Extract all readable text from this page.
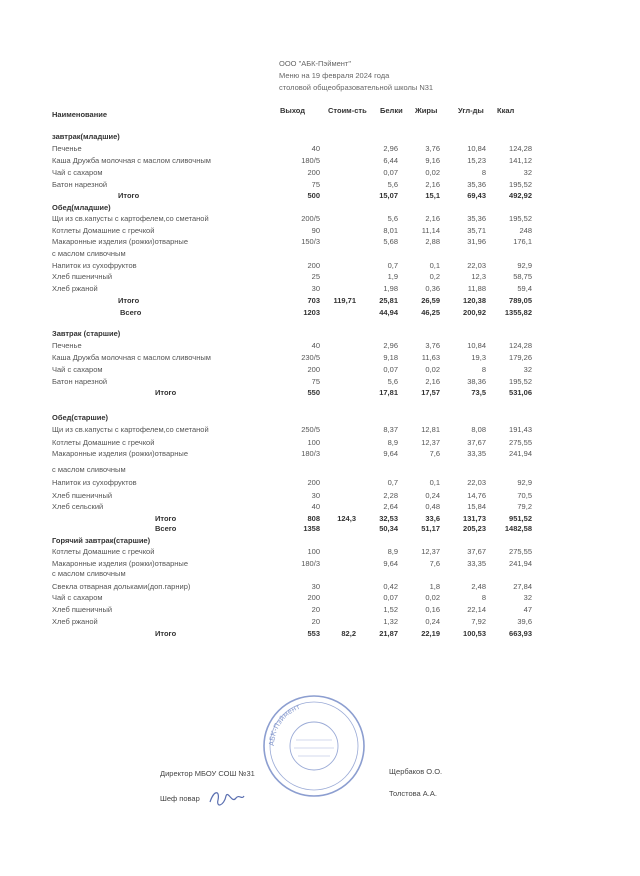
ООО "АБК-Пэймент"
Меню на 19 февраля 2024 года
столовой общеобразовательной школы N31
Наименование	Выход	Стоим-сть Белки Жиры	Угл-ды Ккал
завтрак(младшие)
Печенье	40	2,96	3,76	10,84	124,28
Каша Дружба молочная с маслом сливочным	180/5	6,44	9,16	15,23	141,12
Чай с сахаром	200	0,07	0,02	8	32
Батон нарезной	75	5,6	2,16	35,36	195,52
Итого	500	15,07	15,1	69,43	492,92
Обед(младшие)
Щи из св.капусты с картофелем,со сметаной	200/5	5,6	2,16	35,36	195,52
Котлеты Домашние с гречкой	90	8,01	11,14	35,71	248
Макаронные изделия (рожки)отварные	150/3	5,68	2,88	31,96	176,1
с маслом сливочным
Напиток из сухофруктов	200	0,7	0,1	22,03	92,9
Хлеб пшеничный	25	1,9	0,2	12,3	58,75
Хлеб ржаной	30	1,98	0,36	11,88	59,4
Итого	703 119,71	25,81	26,59	120,38	789,05
Всего	1203	44,94	46,25	200,92	1355,82
Завтрак (старшие)
Печенье	40	2,96	3,76	10,84	124,28
Каша Дружба молочная с маслом сливочным	230/5	9,18	11,63	19,3	179,26
Чай с сахаром	200	0,07	0,02	8	32
Батон нарезной	75	5,6	2,16	38,36	195,52
Итого	550	17,81	17,57	73,5	531,06
Обед(старшие)
Щи из св.капусты с картофелем,со сметаной	250/5	8,37	12,81	8,08	191,43
Котлеты Домашние с гречкой	100	8,9	12,37	37,67	275,55
Макаронные изделия (рожки)отварные	180/3	9,64	7,6	33,35	241,94
с маслом сливочным
Напиток из сухофруктов	200	0,7	0,1	22,03	92,9
Хлеб пшеничный	30	2,28	0,24	14,76	70,5
Хлеб сельский	40	2,64	0,48	15,84	79,2
Итого	808 124,3	32,53	33,6	131,73	951,52
Всего	1358	50,34	51,17	205,23	1482,58
Горячий завтрак(старшие)
Котлеты Домашние с гречкой	100	8,9	12,37	37,67	275,55
Макаронные изделия (рожки)отварные	180/3	9,64	7,6	33,35	241,94
с маслом сливочным
Свекла отварная дольками(доп.гарнир)	30	0,42	1,8	2,48	27,84
Чай с сахаром	200	0,07	0,02	8	32
Хлеб пшеничный	20	1,52	0,16	22,14	47
Хлеб ржаной	20	1,32	0,24	7,92	39,6
Итого	553	82,2	21,87	22,19	100,53	663,93
Директор МБОУ СОШ №31	Щербаков О.О.
Шеф повар
Толстова А.А.
АБК-Пэймент
